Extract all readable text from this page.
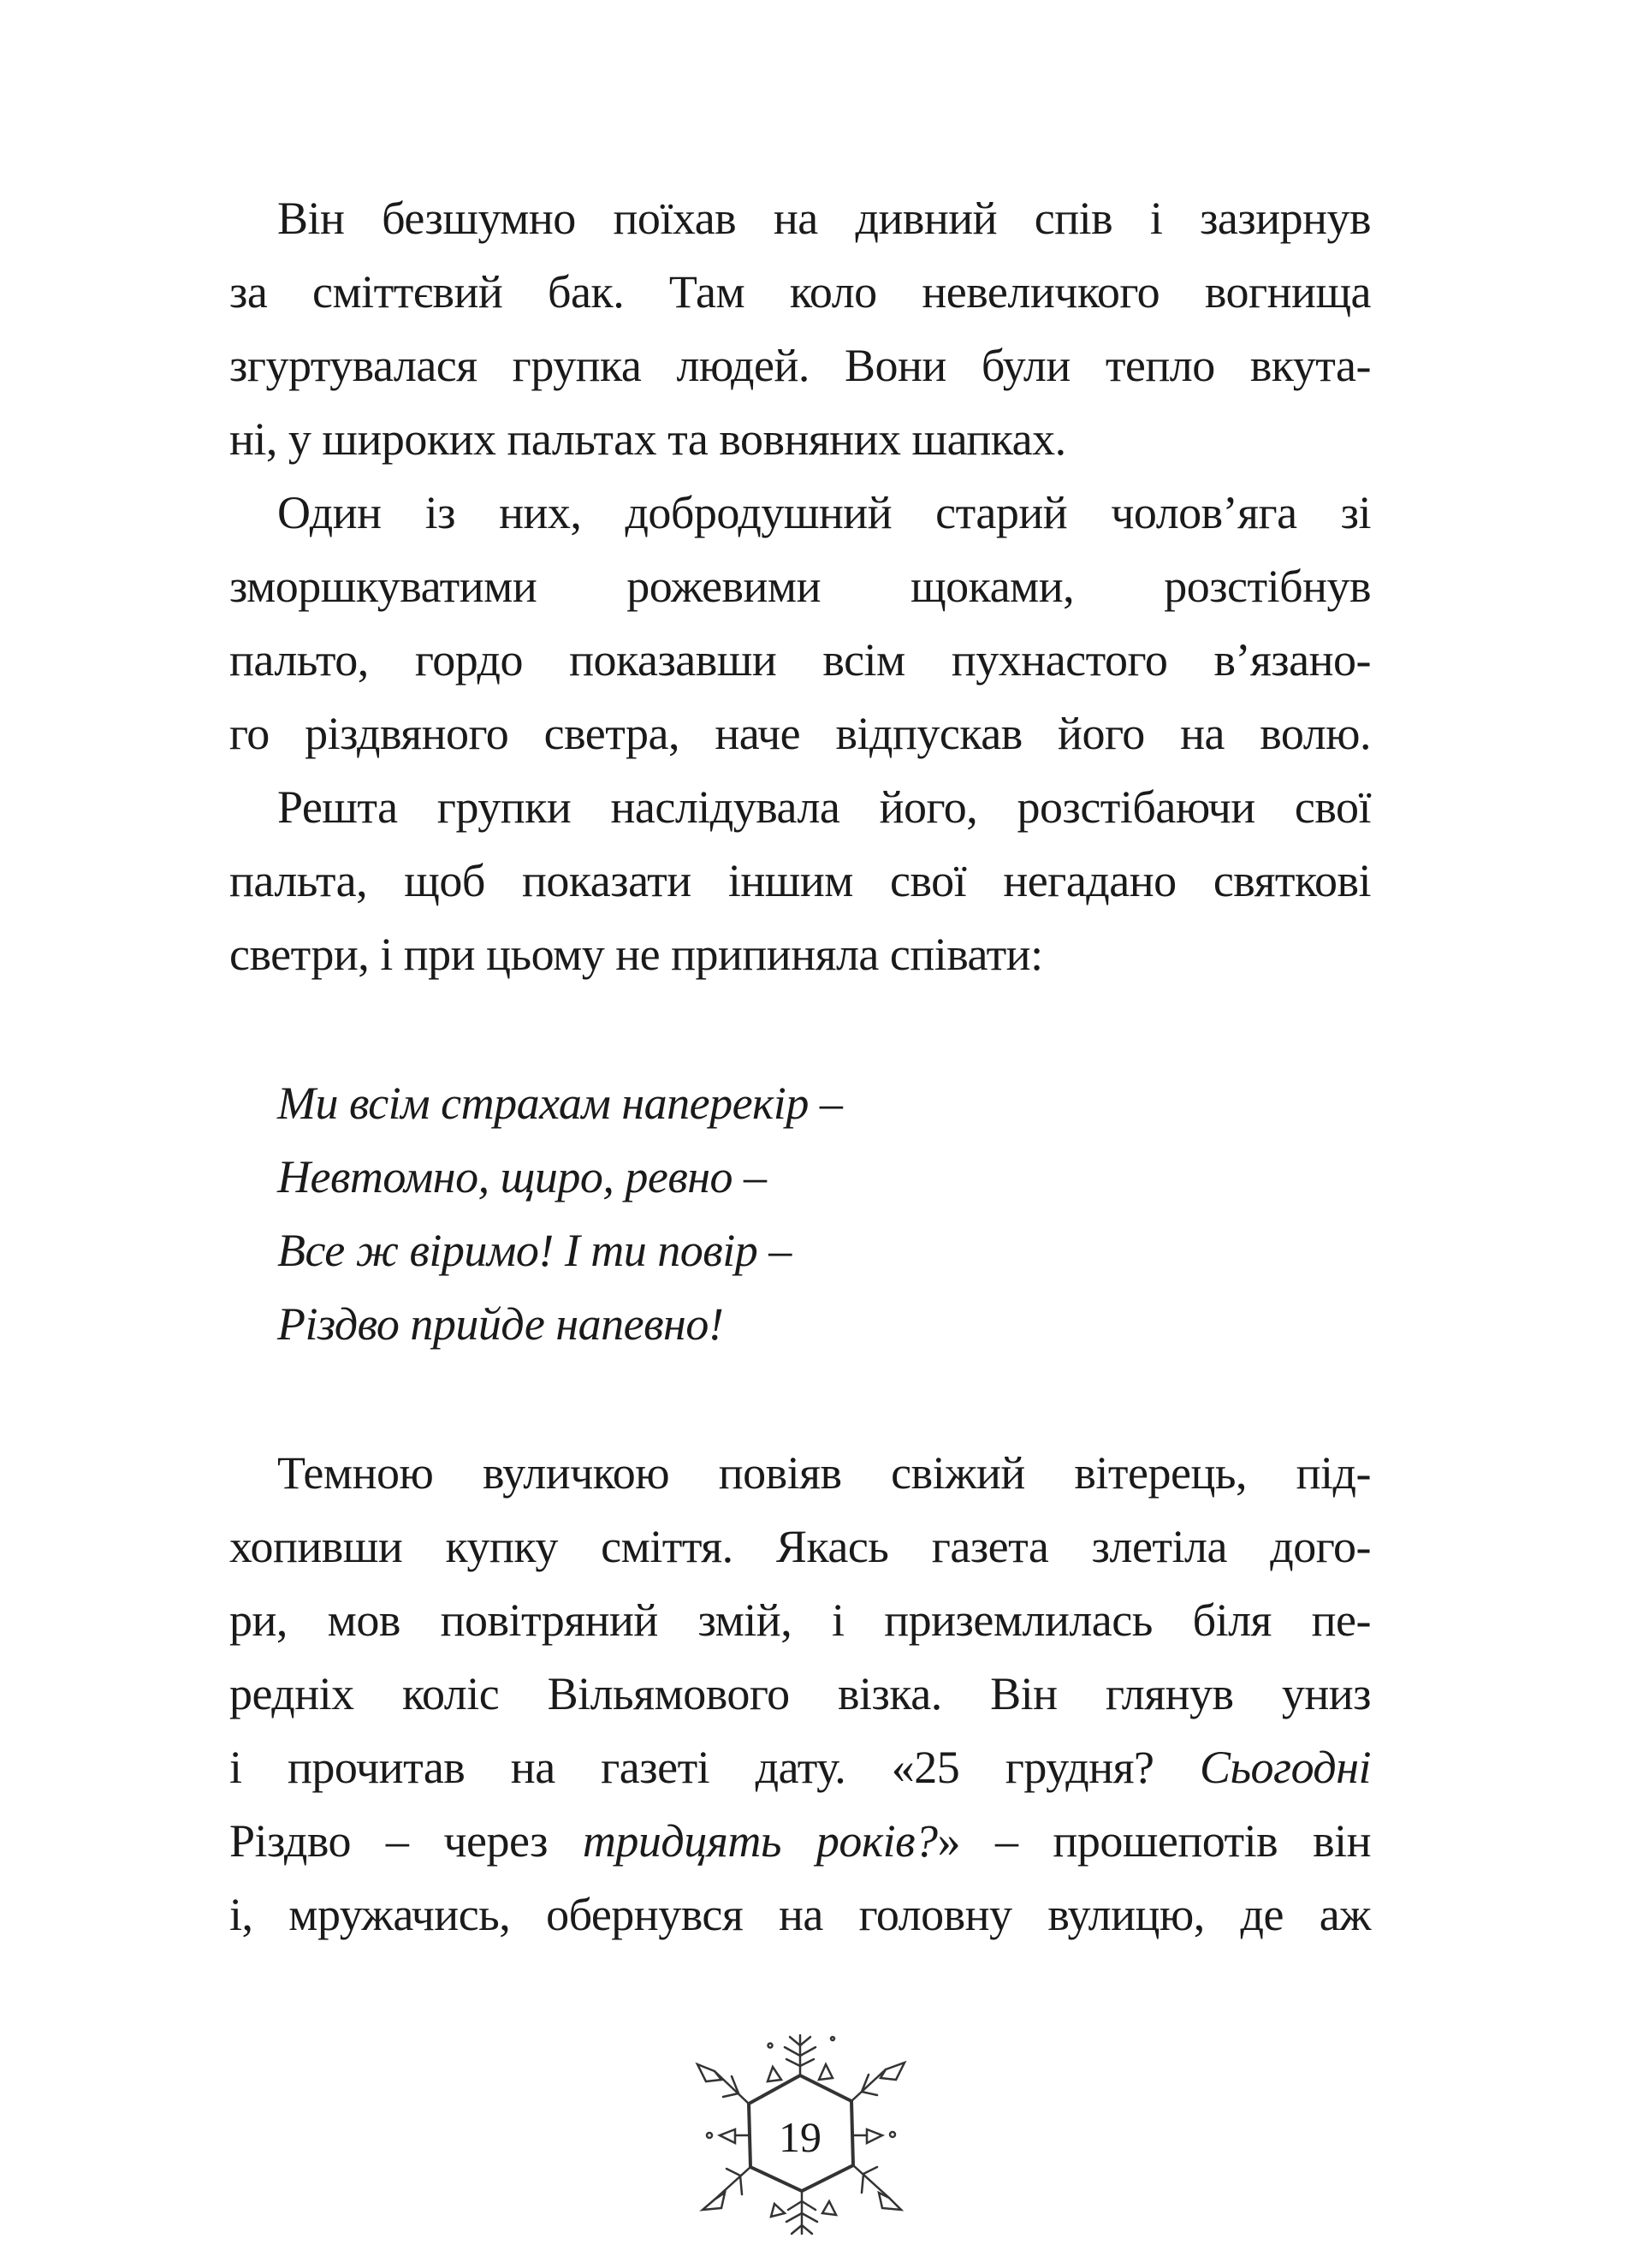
Він безшумно поїхав на дивний спів і зазирнув
за сміттєвий бак. Там коло невеличкого вогнища
згуртувалася групка людей. Вони були тепло вкута-
ні, у широких пальтах та вовняних шапках.

Один із них, добродушний старий чолов’яга зі
зморшкуватими рожевими щоками, розстібнув
пальто, гордо показавши всім пухнастого в’язано-
го різдвяного светра, наче відпускав його на волю.

Решта групки наслідувала його, розстібаючи свої
пальта, щоб показати іншим свої негадано святкові
светри, і при цьому не припиняла співати:

Ми всім страхам наперекір –
Невтомно, щиро, ревно –
Все ж віримо! І ти повір –
Різдво прийде напевно!

Темною вуличкою повіяв свіжий вітерець, під-
хопивши купку сміття. Якась газета злетіла дого-
ри, мов повітряний змій, і приземлилась біля пе-
редніх коліс Вільямового візка. Він глянув униз
і прочитав на газеті дату. «25 грудня? Сьогодні
Різдво – через тридцять років?» – прошепотів він
і, мружачись, обернувся на головну вулицю, де аж

19
